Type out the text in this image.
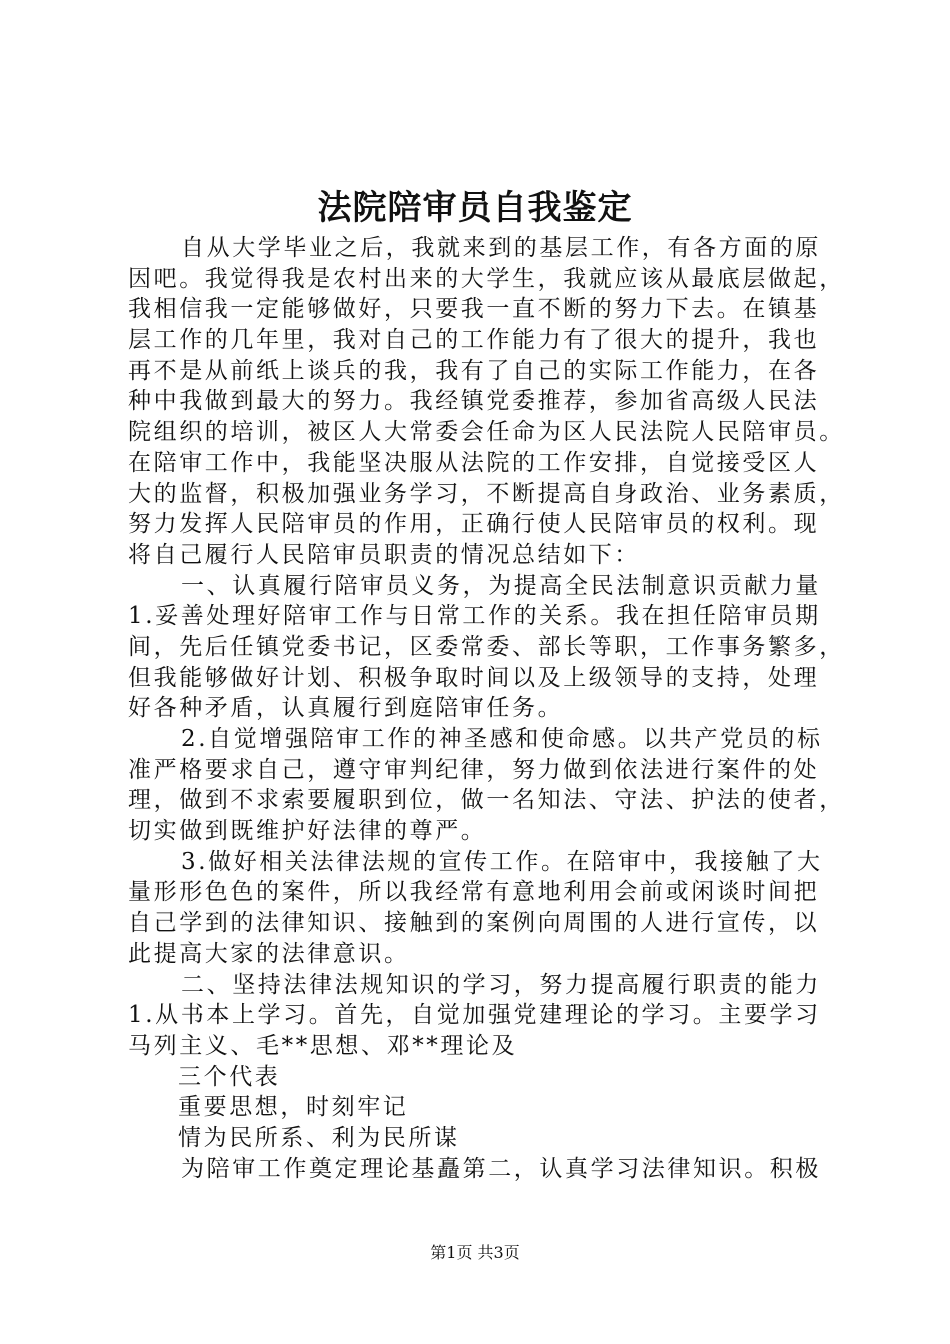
法院陪审员自我鉴定
自从大学毕业之后，我就来到的基层工作，有各方面的原
因吧。我觉得我是农村出来的大学生，我就应该从最底层做起，
我相信我一定能够做好，只要我一直不断的努力下去。在镇基
层工作的几年里，我对自己的工作能力有了很大的提升，我也
再不是从前纸上谈兵的我，我有了自己的实际工作能力，在各
种中我做到最大的努力。我经镇党委推荐，参加省高级人民法
院组织的培训，被区人大常委会任命为区人民法院人民陪审员。
在陪审工作中，我能坚决服从法院的工作安排，自觉接受区人
大的监督，积极加强业务学习，不断提高自身政治、业务素质，
努力发挥人民陪审员的作用，正确行使人民陪审员的权利。现
将自己履行人民陪审员职责的情况总结如下：
一、认真履行陪审员义务，为提高全民法制意识贡献力量
1.妥善处理好陪审工作与日常工作的关系。我在担任陪审员期
间，先后任镇党委书记，区委常委、部长等职，工作事务繁多，
但我能够做好计划、积极争取时间以及上级领导的支持，处理
好各种矛盾，认真履行到庭陪审任务。
2.自觉增强陪审工作的神圣感和使命感。以共产党员的标
准严格要求自己，遵守审判纪律，努力做到依法进行案件的处
理，做到不求索要履职到位，做一名知法、守法、护法的使者，
切实做到既维护好法律的尊严。
3.做好相关法律法规的宣传工作。在陪审中，我接触了大
量形形色色的案件，所以我经常有意地利用会前或闲谈时间把
自己学到的法律知识、接触到的案例向周围的人进行宣传，以
此提高大家的法律意识。
二、坚持法律法规知识的学习，努力提高履行职责的能力
1.从书本上学习。首先，自觉加强党建理论的学习。主要学习
马列主义、毛**思想、邓**理论及
三个代表
重要思想，时刻牢记
情为民所系、利为民所谋
为陪审工作奠定理论基矗第二，认真学习法律知识。积极
第1页 共3页
